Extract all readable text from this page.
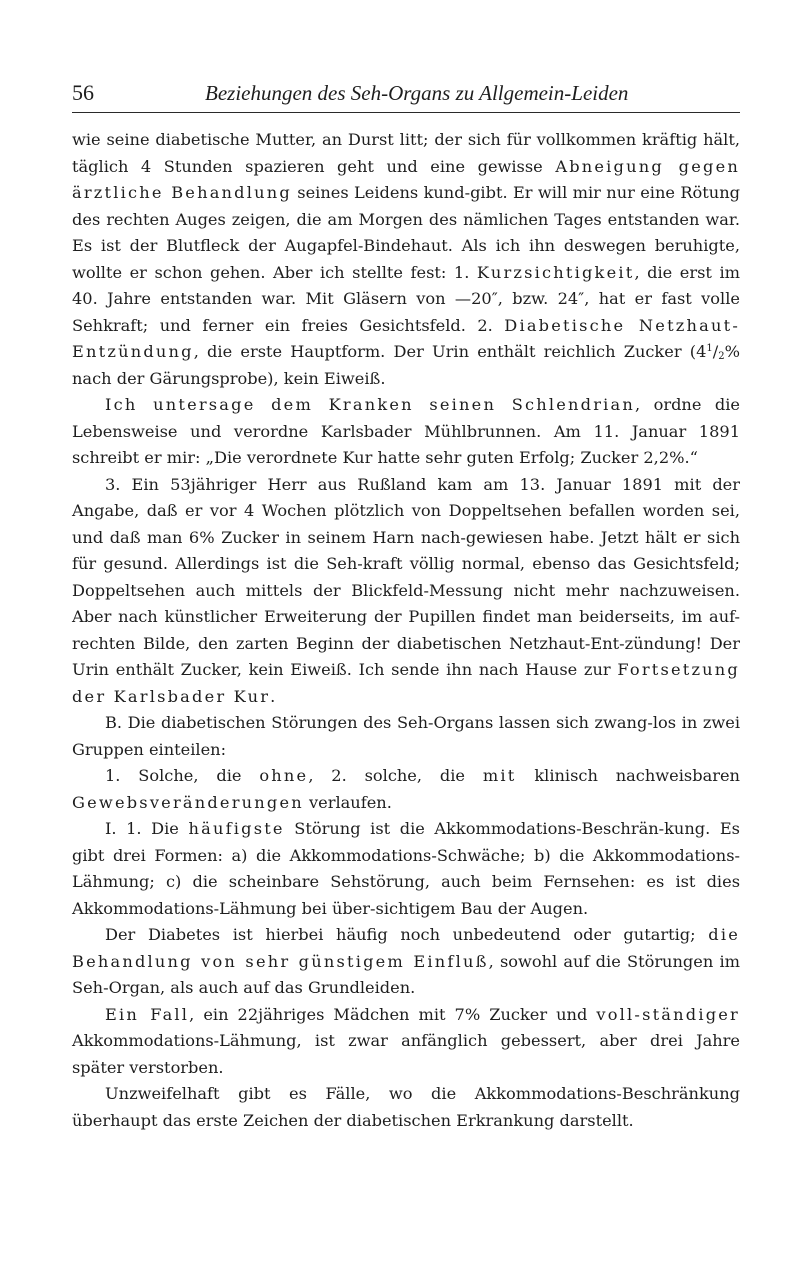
56	Beziehungen des Seh-Organs zu Allgemein-Leiden

wie seine diabetische Mutter, an Durst litt; der sich für vollkommen kräftig hält, täglich 4 Stunden spazieren geht und eine gewisse Abneigung gegen ärztliche Behandlung seines Leidens kund-gibt. Er will mir nur eine Rötung des rechten Auges zeigen, die am Morgen des nämlichen Tages entstanden war. Es ist der Blutfleck der Augapfel-Bindehaut. Als ich ihn deswegen beruhigte, wollte er schon gehen. Aber ich stellte fest: 1. Kurzsichtigkeit, die erst im 40. Jahre entstanden war. Mit Gläsern von —20″, bzw. 24″, hat er fast volle Sehkraft; und ferner ein freies Gesichtsfeld. 2. Diabetische Netzhaut-Entzündung, die erste Hauptform. Der Urin enthält reichlich Zucker ($4^1/_2\%$ nach der Gärungsprobe), kein Eiweiß.

Ich untersage dem Kranken seinen Schlendrian, ordne die Lebensweise und verordne Karlsbader Mühlbrunnen. Am 11. Januar 1891 schreibt er mir: „Die verordnete Kur hatte sehr guten Erfolg; Zucker 2,2%.“

3. Ein 53jähriger Herr aus Rußland kam am 13. Januar 1891 mit der Angabe, daß er vor 4 Wochen plötzlich von Doppeltsehen befallen worden sei, und daß man 6% Zucker in seinem Harn nach-gewiesen habe. Jetzt hält er sich für gesund. Allerdings ist die Seh-kraft völlig normal, ebenso das Gesichtsfeld; Doppeltsehen auch mittels der Blickfeld-Messung nicht mehr nachzuweisen. Aber nach künstlicher Erweiterung der Pupillen findet man beiderseits, im auf-rechten Bilde, den zarten Beginn der diabetischen Netzhaut-Ent-zündung! Der Urin enthält Zucker, kein Eiweiß. Ich sende ihn nach Hause zur Fortsetzung der Karlsbader Kur.

B. Die diabetischen Störungen des Seh-Organs lassen sich zwang-los in zwei Gruppen einteilen:

1. Solche, die ohne, 2. solche, die mit klinisch nachweisbaren Gewebsveränderungen verlaufen.

I. 1. Die häufigste Störung ist die Akkommodations-Beschrän-kung. Es gibt drei Formen: a) die Akkommodations-Schwäche; b) die Akkommodations-Lähmung; c) die scheinbare Sehstörung, auch beim Fernsehen: es ist dies Akkommodations-Lähmung bei über-sichtigem Bau der Augen.

Der Diabetes ist hierbei häufig noch unbedeutend oder gutartig; die Behandlung von sehr günstigem Einfluß, sowohl auf die Störungen im Seh-Organ, als auch auf das Grundleiden.

Ein Fall, ein 22jähriges Mädchen mit 7% Zucker und voll-ständiger Akkommodations-Lähmung, ist zwar anfänglich gebessert, aber drei Jahre später verstorben.

Unzweifelhaft gibt es Fälle, wo die Akkommodations-Beschränkung überhaupt das erste Zeichen der diabetischen Erkrankung darstellt.
